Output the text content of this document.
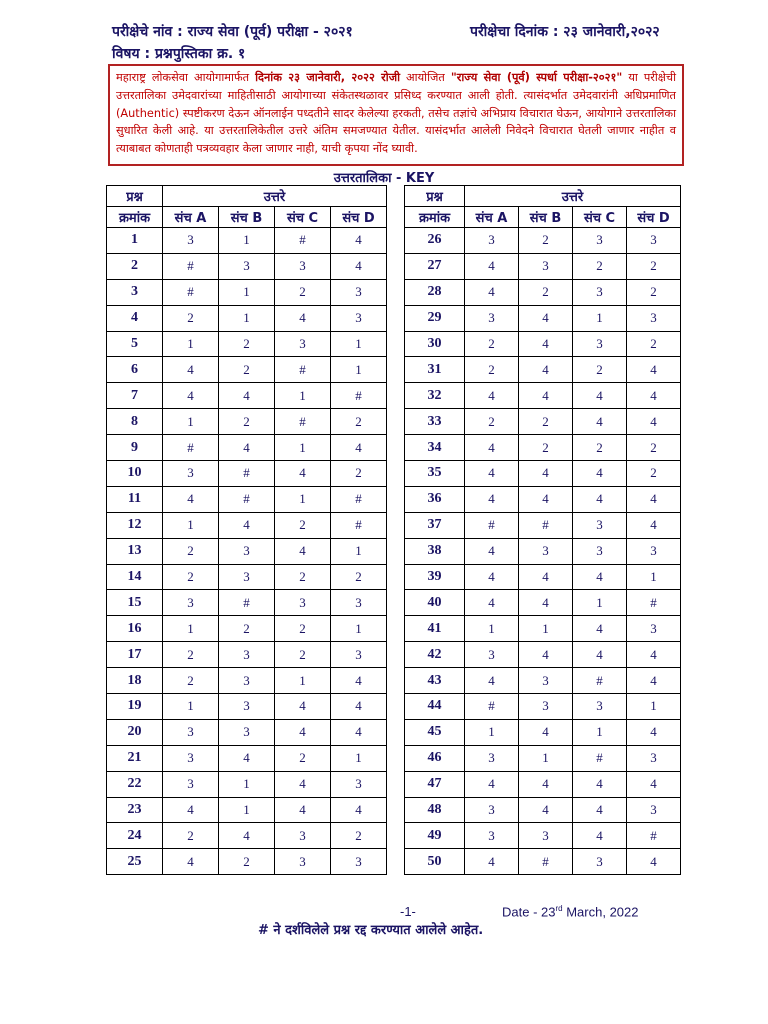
परीक्षेचे नांव : राज्य सेवा (पूर्व) परीक्षा - २०२१	परीक्षेचा दिनांक : २३ जानेवारी,२०२२
विषय : प्रश्नपुस्तिका क्र. १
महाराष्ट्र लोकसेवा आयोगामार्फत दिनांक २३ जानेवारी, २०२२ रोजी आयोजित "राज्य सेवा (पूर्व) स्पर्धा परीक्षा-२०२१" या परीक्षेची उत्तरतालिका उमेदवारांच्या माहितीसाठी आयोगाच्या संकेतस्थळावर प्रसिध्द करण्यात आली होती. त्यासंदर्भात उमेदवारांनी अधिप्रमाणित (Authentic) स्पष्टीकरण देऊन ऑनलाईन पध्दतीने सादर केलेल्या हरकती, तसेच तज्ञांचे अभिप्राय विचारात घेऊन, आयोगाने उत्तरतालिका सुधारित केली आहे. या उत्तरतालिकेतील उत्तरे अंतिम समजण्यात येतील. यासंदर्भात आलेली निवेदने विचारात घेतली जाणार नाहीत व त्याबाबत कोणताही पत्रव्यवहार केला जाणार नाही, याची कृपया नोंद घ्यावी.
उत्तरतालिका - KEY
प्रश्न	उत्तरे			
क्रमांक	संच A	संच B	संच C	संच D
1	3	1	#	4
2	#	3	3	4
3	#	1	2	3
4	2	1	4	3
5	1	2	3	1
6	4	2	#	1
7	4	4	1	#
8	1	2	#	2
9	#	4	1	4
10	3	#	4	2
11	4	#	1	#
12	1	4	2	#
13	2	3	4	1
14	2	3	2	2
15	3	#	3	3
16	1	2	2	1
17	2	3	2	3
18	2	3	1	4
19	1	3	4	4
20	3	3	4	4
21	3	4	2	1
22	3	1	4	3
23	4	1	4	4
24	2	4	3	2
25	4	2	3	3
प्रश्न	उत्तरे			
क्रमांक	संच A	संच B	संच C	संच D
26	3	2	3	3
27	4	3	2	2
28	4	2	3	2
29	3	4	1	3
30	2	4	3	2
31	2	4	2	4
32	4	4	4	4
33	2	2	4	4
34	4	2	2	2
35	4	4	4	2
36	4	4	4	4
37	#	#	3	4
38	4	3	3	3
39	4	4	4	1
40	4	4	1	#
41	1	1	4	3
42	3	4	4	4
43	4	3	#	4
44	#	3	3	1
45	1	4	1	4
46	3	1	#	3
47	4	4	4	4
48	3	4	4	3
49	3	3	4	#
50	4	#	3	4
-1-	Date - 23rd March, 2022
# ने दर्शविलेले प्रश्न रद्द करण्यात आलेले आहेत.
